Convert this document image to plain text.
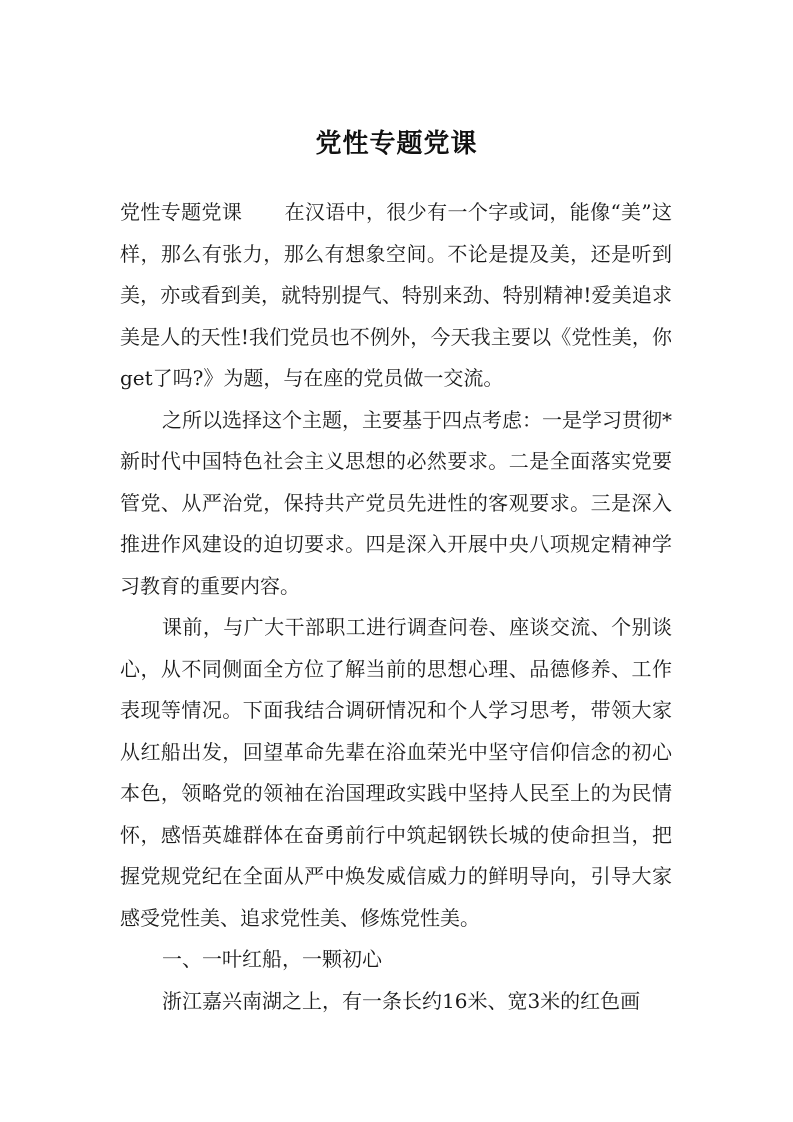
党性专题党课

党性专题党课 在汉语中，很少有一个字或词，能像“美”这样，那么有张力，那么有想象空间。不论是提及美，还是听到美，亦或看到美，就特别提气、特别来劲、特别精神!爱美追求美是人的天性!我们党员也不例外，今天我主要以《党性美，你get了吗?》为题，与在座的党员做一交流。

之所以选择这个主题，主要基于四点考虑：一是学习贯彻*新时代中国特色社会主义思想的必然要求。二是全面落实党要管党、从严治党，保持共产党员先进性的客观要求。三是深入推进作风建设的迫切要求。四是深入开展中央八项规定精神学习教育的重要内容。

课前，与广大干部职工进行调查问卷、座谈交流、个别谈心，从不同侧面全方位了解当前的思想心理、品德修养、工作表现等情况。下面我结合调研情况和个人学习思考，带领大家从红船出发，回望革命先辈在浴血荣光中坚守信仰信念的初心本色，领略党的领袖在治国理政实践中坚持人民至上的为民情怀，感悟英雄群体在奋勇前行中筑起钢铁长城的使命担当，把握党规党纪在全面从严中焕发威信威力的鲜明导向，引导大家感受党性美、追求党性美、修炼党性美。

一、一叶红船，一颗初心

浙江嘉兴南湖之上，有一条长约16米、宽3米的红色画
